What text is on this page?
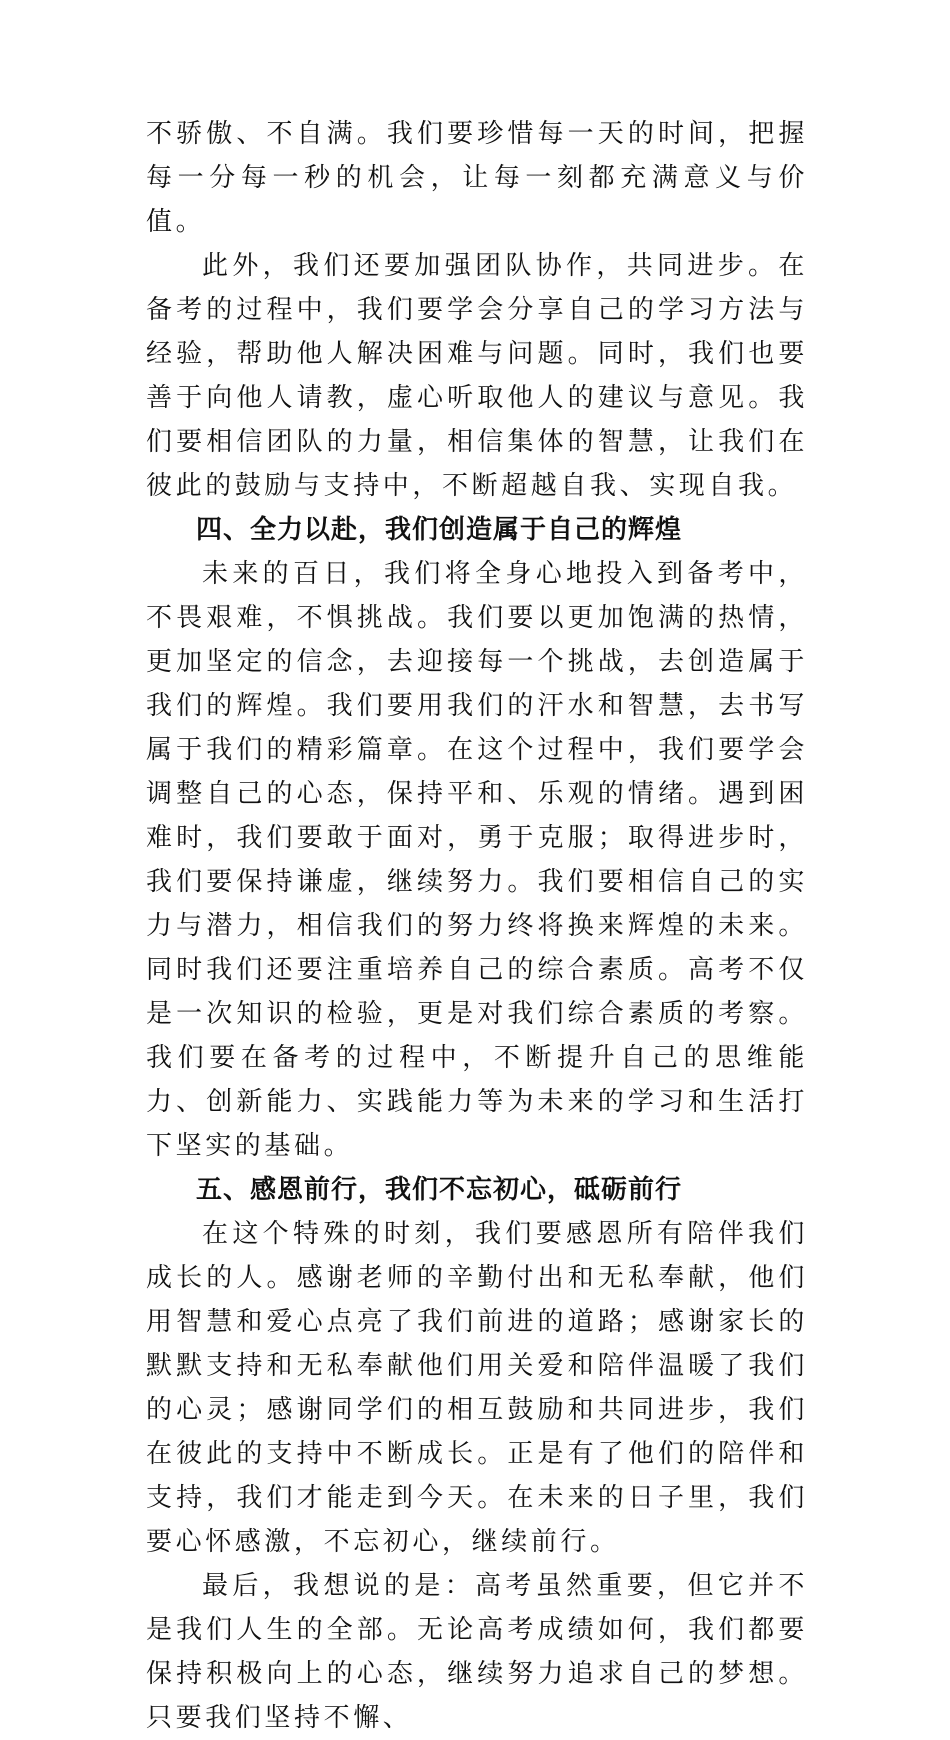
不骄傲、不自满。我们要珍惜每一天的时间，把握每一分每一秒的机会，让每一刻都充满意义与价值。

此外，我们还要加强团队协作，共同进步。在备考的过程中，我们要学会分享自己的学习方法与经验，帮助他人解决困难与问题。同时，我们也要善于向他人请教，虚心听取他人的建议与意见。我们要相信团队的力量，相信集体的智慧，让我们在彼此的鼓励与支持中，不断超越自我、实现自我。

四、全力以赴，我们创造属于自己的辉煌

未来的百日，我们将全身心地投入到备考中，不畏艰难，不惧挑战。我们要以更加饱满的热情，更加坚定的信念，去迎接每一个挑战，去创造属于我们的辉煌。我们要用我们的汗水和智慧，去书写属于我们的精彩篇章。在这个过程中，我们要学会调整自己的心态，保持平和、乐观的情绪。遇到困难时，我们要敢于面对，勇于克服；取得进步时，我们要保持谦虚，继续努力。我们要相信自己的实力与潜力，相信我们的努力终将换来辉煌的未来。同时我们还要注重培养自己的综合素质。高考不仅是一次知识的检验，更是对我们综合素质的考察。我们要在备考的过程中，不断提升自己的思维能力、创新能力、实践能力等为未来的学习和生活打下坚实的基础。

五、感恩前行，我们不忘初心，砥砺前行

在这个特殊的时刻，我们要感恩所有陪伴我们成长的人。感谢老师的辛勤付出和无私奉献，他们用智慧和爱心点亮了我们前进的道路；感谢家长的默默支持和无私奉献他们用关爱和陪伴温暖了我们的心灵；感谢同学们的相互鼓励和共同进步，我们在彼此的支持中不断成长。正是有了他们的陪伴和支持，我们才能走到今天。在未来的日子里，我们要心怀感激，不忘初心，继续前行。

最后，我想说的是：高考虽然重要，但它并不是我们人生的全部。无论高考成绩如何，我们都要保持积极向上的心态，继续努力追求自己的梦想。只要我们坚持不懈、
